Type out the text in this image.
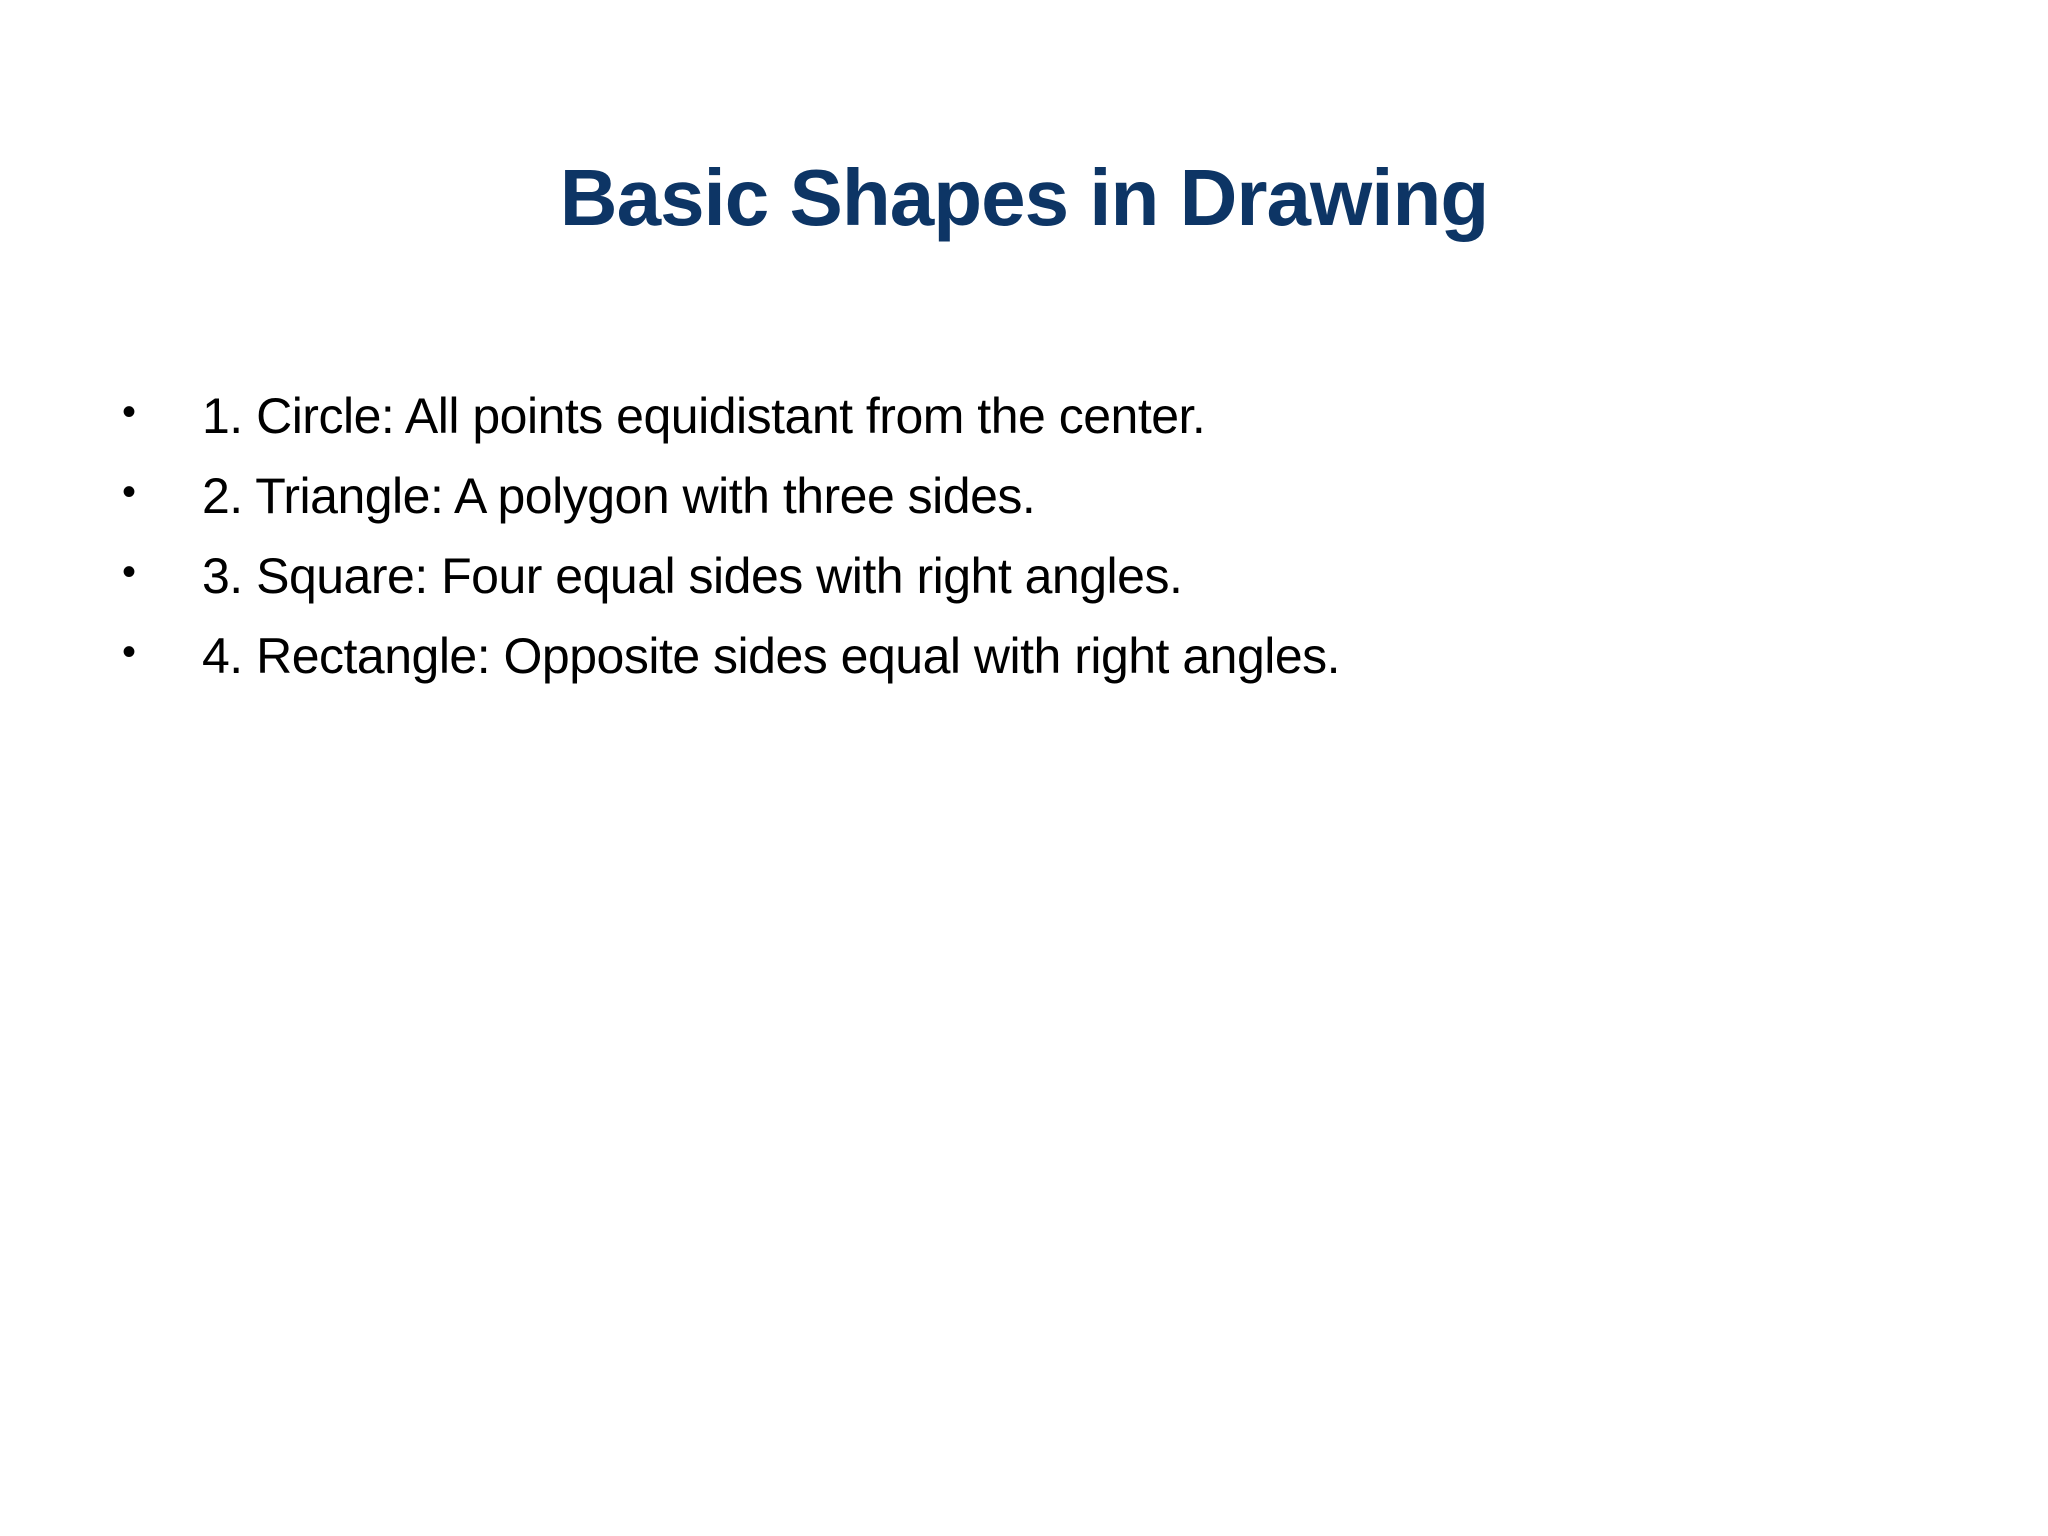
Basic Shapes in Drawing
•	1. Circle: All points equidistant from the center.
•	2. Triangle: A polygon with three sides.
•	3. Square: Four equal sides with right angles.
•	4. Rectangle: Opposite sides equal with right angles.
